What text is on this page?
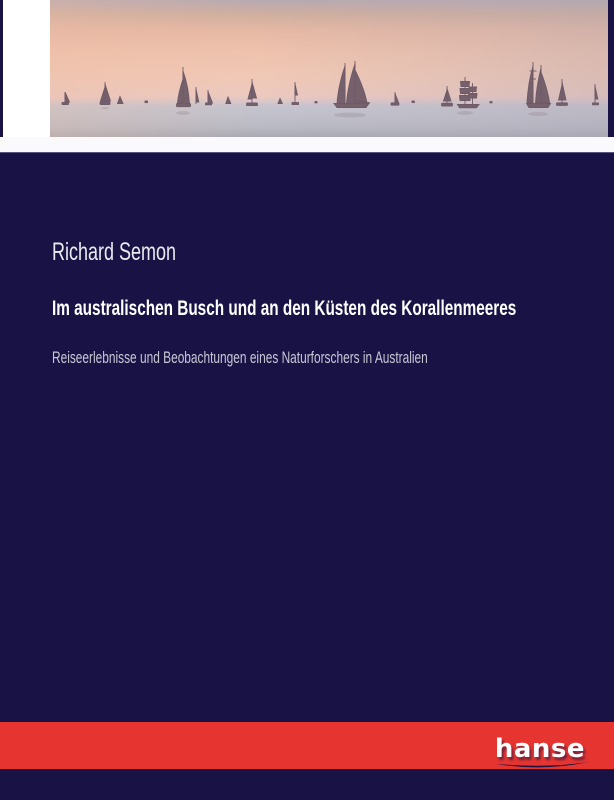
Richard Semon
Im australischen Busch und an den Küsten des Korallenmeeres
Reiseerlebnisse und Beobachtungen eines Naturforschers in Australien
hanse
